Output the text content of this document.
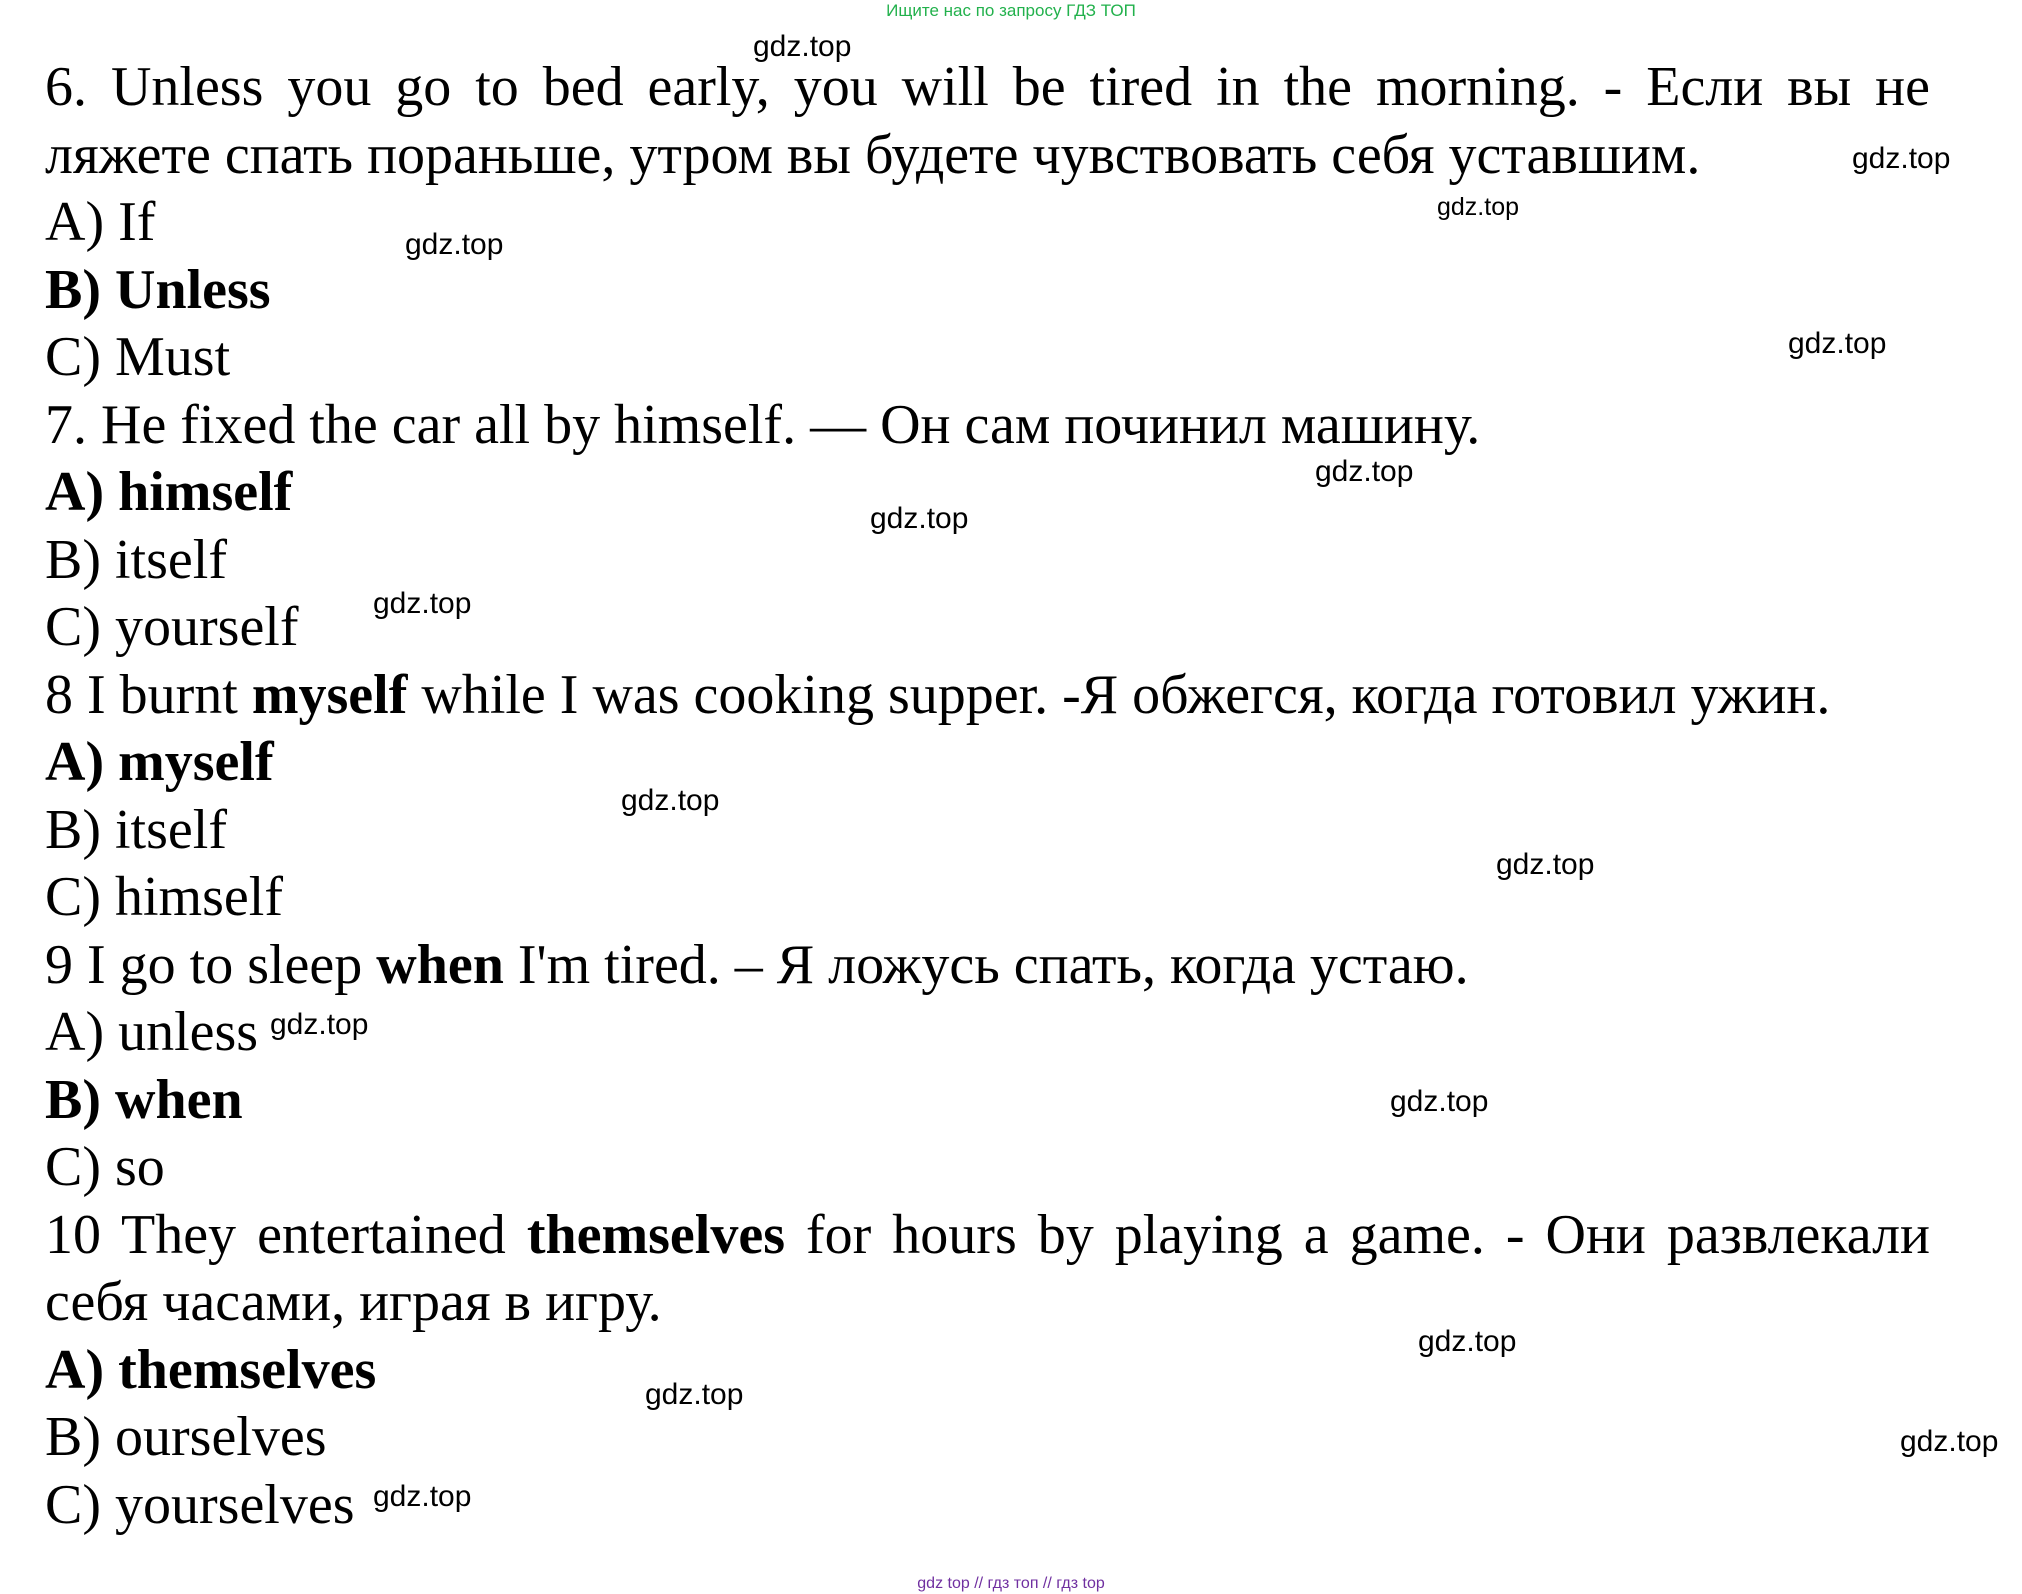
Ищите нас по запросу ГДЗ ТОП
6. Unless you go to bed early, you will be tired in the morning. - Если вы не ляжете спать пораньше, утром вы будете чувствовать себя уставшим.
A) If
B) Unless
C) Must
7. He fixed the car all by himself. — Он сам починил машину.
A) himself
B) itself
C) yourself
8 I burnt myself while I was cooking supper. -Я обжегся, когда готовил ужин.
A) myself
B) itself
C) himself
9 I go to sleep when I'm tired. – Я ложусь спать, когда устаю.
A) unless
B) when
C) so
10 They entertained themselves for hours by playing a game. - Они развлекали себя часами, играя в игру.
A) themselves
B) ourselves
C) yourselves
gdz.top
gdz.top
gdz.top
gdz.top
gdz.top
gdz.top
gdz.top
gdz.top
gdz.top
gdz.top
gdz.top
gdz.top
gdz.top
gdz.top
gdz.top
gdz.top
gdz top // гдз топ // гдз top
